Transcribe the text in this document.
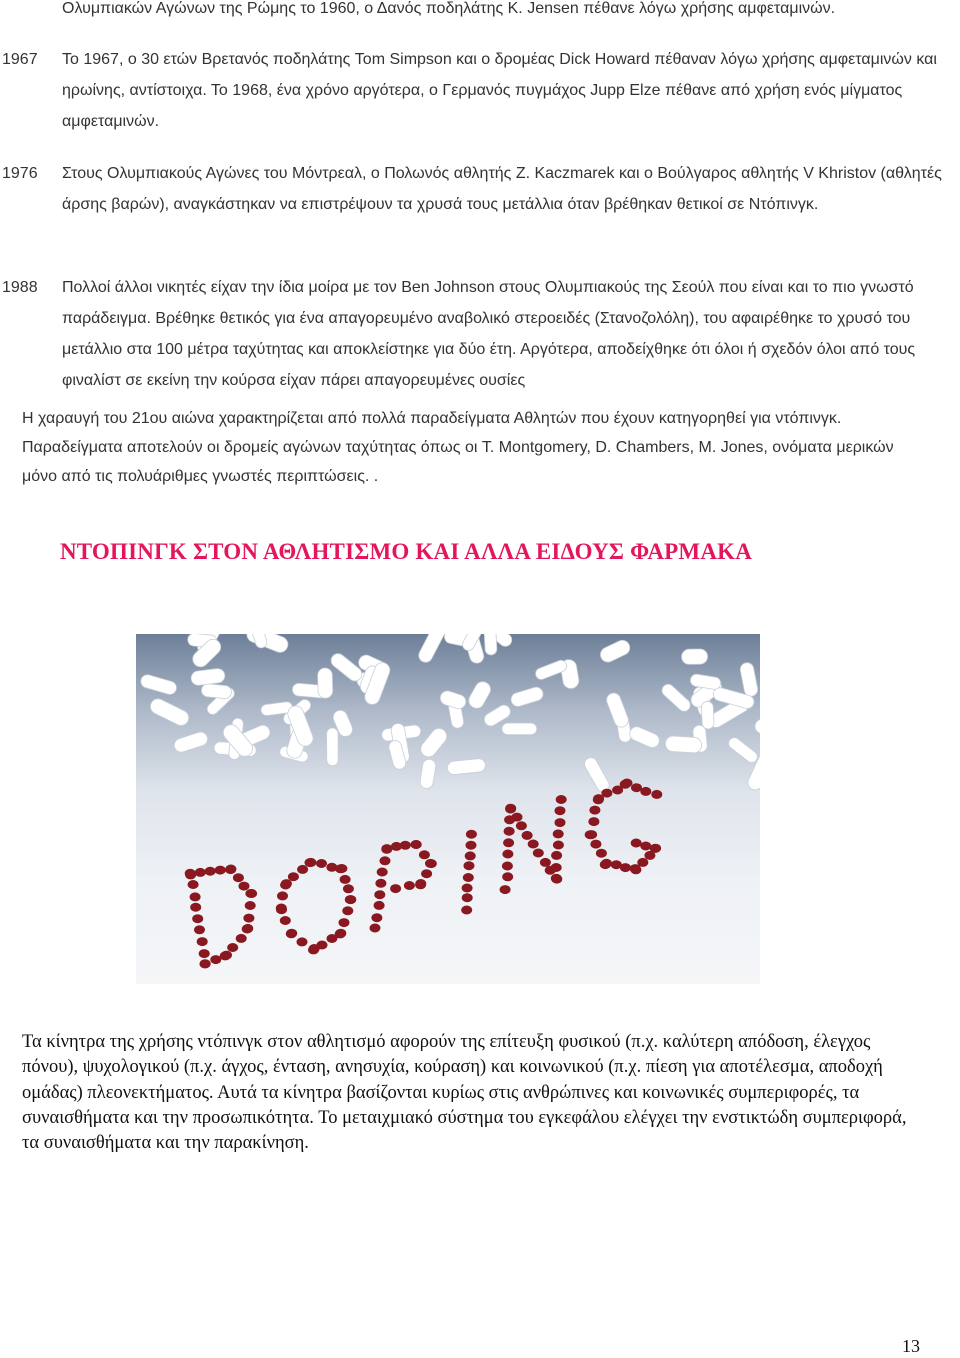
Ολυμπιακών Αγώνων της Ρώμης το 1960, ο Δανός ποδηλάτης Κ. Jensen πέθανε λόγω χρήσης αμφεταμινών.
1967 Το 1967, ο 30 ετών Βρετανός ποδηλάτης Tom Simpson και ο δρομέας Dick Howard πέθαναν λόγω χρήσης αμφεταμινών και ηρωίνης, αντίστοιχα. Το 1968, ένα χρόνο αργότερα, ο Γερμανός πυγμάχος Jupp Elze πέθανε από χρήση ενός μίγματος αμφεταμινών.
1976 Στους Ολυμπιακούς Αγώνες του Μόντρεαλ, ο Πολωνός αθλητής Z. Kaczmarek και ο Βούλγαρος αθλητής V Khristov (αθλητές άρσης βαρών), αναγκάστηκαν να επιστρέψουν τα χρυσά τους μετάλλια όταν βρέθηκαν θετικοί σε Ντόπινγκ.
1988 Πολλοί άλλοι νικητές είχαν την ίδια μοίρα με τον Ben Johnson στους Ολυμπιακούς της Σεούλ που είναι και το πιο γνωστό παράδειγμα. Βρέθηκε θετικός για ένα απαγορευμένο αναβολικό στεροειδές (Στανοζολόλη), του αφαιρέθηκε το χρυσό του μετάλλιο στα 100 μέτρα ταχύτητας και αποκλείστηκε για δύο έτη. Αργότερα, αποδείχθηκε ότι όλοι ή σχεδόν όλοι από τους φιναλίστ σε εκείνη την κούρσα είχαν πάρει απαγορευμένες ουσίες
Η χαραυγή του 21ου αιώνα χαρακτηρίζεται από πολλά παραδείγματα Αθλητών που έχουν κατηγορηθεί για ντόπινγκ. Παραδείγματα αποτελούν οι δρομείς αγώνων ταχύτητας όπως οι T. Montgomery, D. Chambers, M. Jones, ονόματα μερικών μόνο από τις πολυάριθμες γνωστές περιπτώσεις. .
ΝΤΟΠΙΝΓΚ ΣΤΟΝ ΑΘΛΗΤΙΣΜΟ ΚΑΙ ΑΛΛΑ ΕΙΔΟΥΣ ΦΑΡΜΑΚΑ
Τα κίνητρα της χρήσης ντόπινγκ στον αθλητισμό αφορούν της επίτευξη φυσικού (π.χ. καλύτερη απόδοση, έλεγχος πόνου), ψυχολογικού (π.χ. άγχος, ένταση, ανησυχία, κούραση) και κοινωνικού (π.χ. πίεση για αποτέλεσμα, αποδοχή ομάδας) πλεονεκτήματος. Αυτά τα κίνητρα βασίζονται κυρίως στις ανθρώπινες και κοινωνικές συμπεριφορές, τα συναισθήματα και την προσωπικότητα. Το μεταιχμιακό σύστημα του εγκεφάλου ελέγχει την ενστικτώδη συμπεριφορά, τα συναισθήματα και την παρακίνηση.
13
